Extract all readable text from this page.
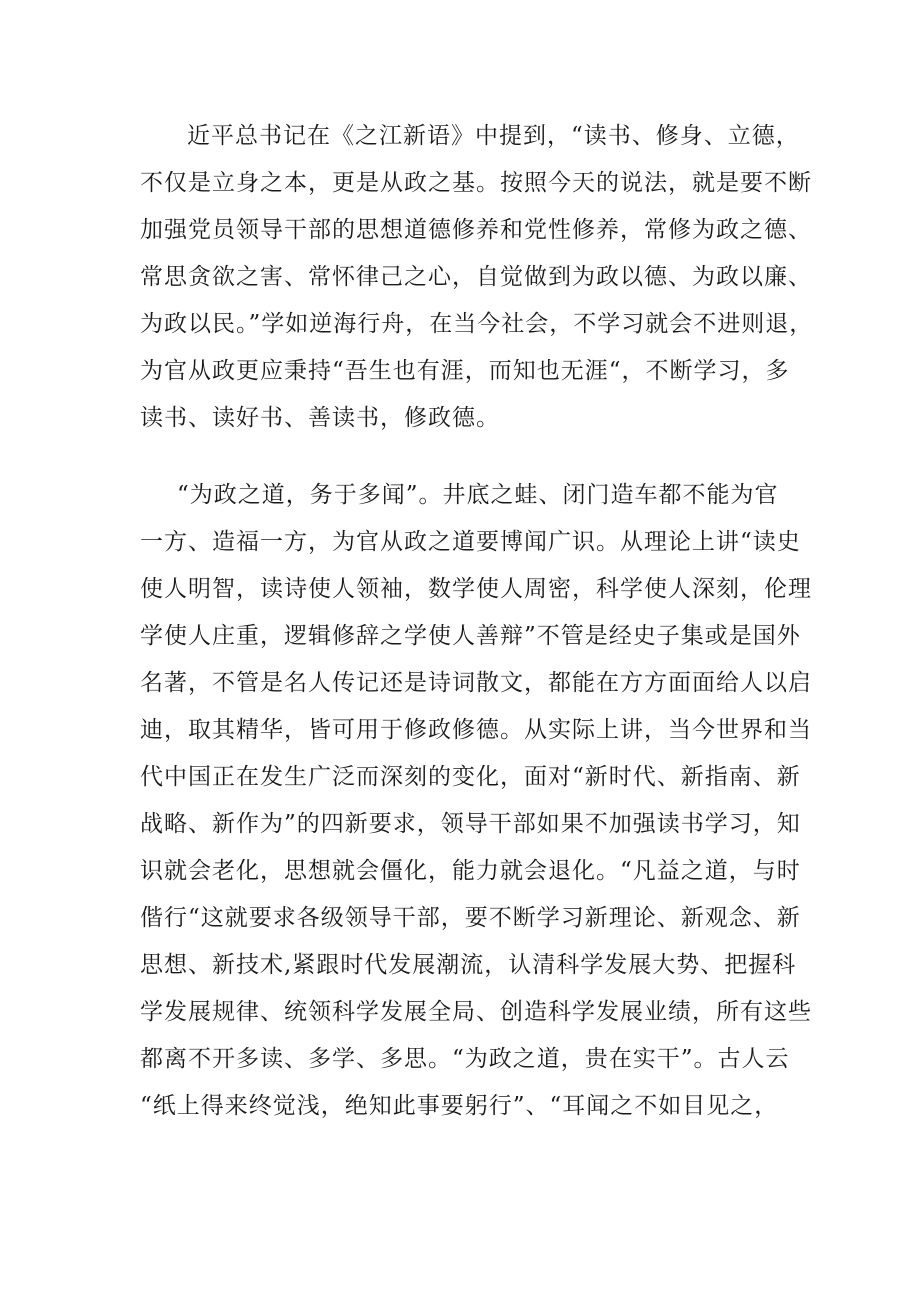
近平总书记在《之江新语》中提到，“读书、修身、立德，
不仅是立身之本，更是从政之基。按照今天的说法，就是要不断
加强党员领导干部的思想道德修养和党性修养，常修为政之德、
常思贪欲之害、常怀律己之心，自觉做到为政以德、为政以廉、
为政以民。”学如逆海行舟，在当今社会，不学习就会不进则退，
为官从政更应秉持“吾生也有涯，而知也无涯“，不断学习，多
读书、读好书、善读书，修政德。
“为政之道，务于多闻”。井底之蛙、闭门造车都不能为官
一方、造福一方，为官从政之道要博闻广识。从理论上讲“读史
使人明智，读诗使人领袖，数学使人周密，科学使人深刻，伦理
学使人庄重，逻辑修辞之学使人善辩”不管是经史子集或是国外
名著，不管是名人传记还是诗词散文，都能在方方面面给人以启
迪，取其精华，皆可用于修政修德。从实际上讲，当今世界和当
代中国正在发生广泛而深刻的变化，面对“新时代、新指南、新
战略、新作为”的四新要求，领导干部如果不加强读书学习，知
识就会老化，思想就会僵化，能力就会退化。“凡益之道，与时
偕行“这就要求各级领导干部，要不断学习新理论、新观念、新
思想、新技术,紧跟时代发展潮流，认清科学发展大势、把握科
学发展规律、统领科学发展全局、创造科学发展业绩，所有这些
都离不开多读、多学、多思。“为政之道，贵在实干”。古人云
“纸上得来终觉浅，绝知此事要躬行”、“耳闻之不如目见之，
